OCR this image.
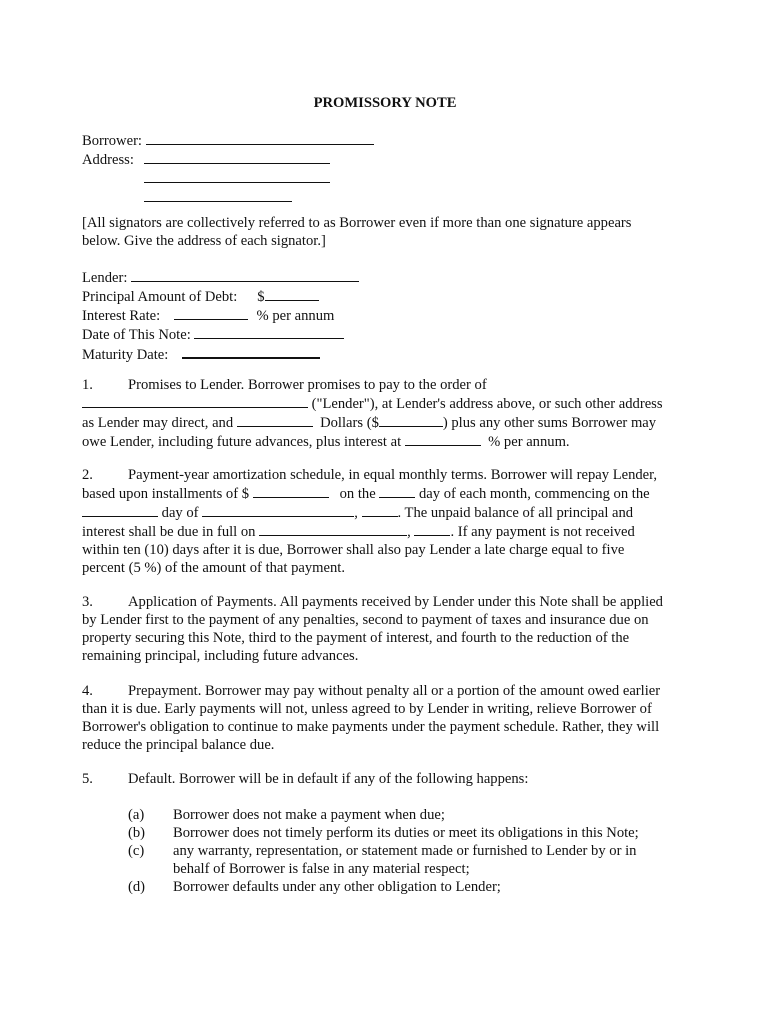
PROMISSORY NOTE
Borrower:
Address:
[All signators are collectively referred to as Borrower even if more than one signature appears
below. Give the address of each signator.]
Lender:
Principal Amount of Debt: $
Interest Rate:	% per annum
Date of This Note:
Maturity Date:
1. Promises to Lender. Borrower promises to pay to the order of
("Lender"), at Lender's address above, or such other address
as Lender may direct, and	Dollars ($	) plus any other sums Borrower may
owe Lender, including future advances, plus interest at	% per annum.
2. Payment-year amortization schedule, in equal monthly terms. Borrower will repay Lender,
based upon installments of $	on the	day of each month, commencing on the
day of	,	. The unpaid balance of all principal and
interest shall be due in full on	,	. If any payment is not received
within ten (10) days after it is due, Borrower shall also pay Lender a late charge equal to five
percent (5 %) of the amount of that payment.
3. Application of Payments. All payments received by Lender under this Note shall be applied
by Lender first to the payment of any penalties, second to payment of taxes and insurance due on
property securing this Note, third to the payment of interest, and fourth to the reduction of the
remaining principal, including future advances.
4. Prepayment. Borrower may pay without penalty all or a portion of the amount owed earlier
than it is due. Early payments will not, unless agreed to by Lender in writing, relieve Borrower of
Borrower's obligation to continue to make payments under the payment schedule. Rather, they will
reduce the principal balance due.
5. Default. Borrower will be in default if any of the following happens:
(a)	Borrower does not make a payment when due;
(b)	Borrower does not timely perform its duties or meet its obligations in this Note;
(c)	any warranty, representation, or statement made or furnished to Lender by or in
behalf of Borrower is false in any material respect;
(d)	Borrower defaults under any other obligation to Lender;
